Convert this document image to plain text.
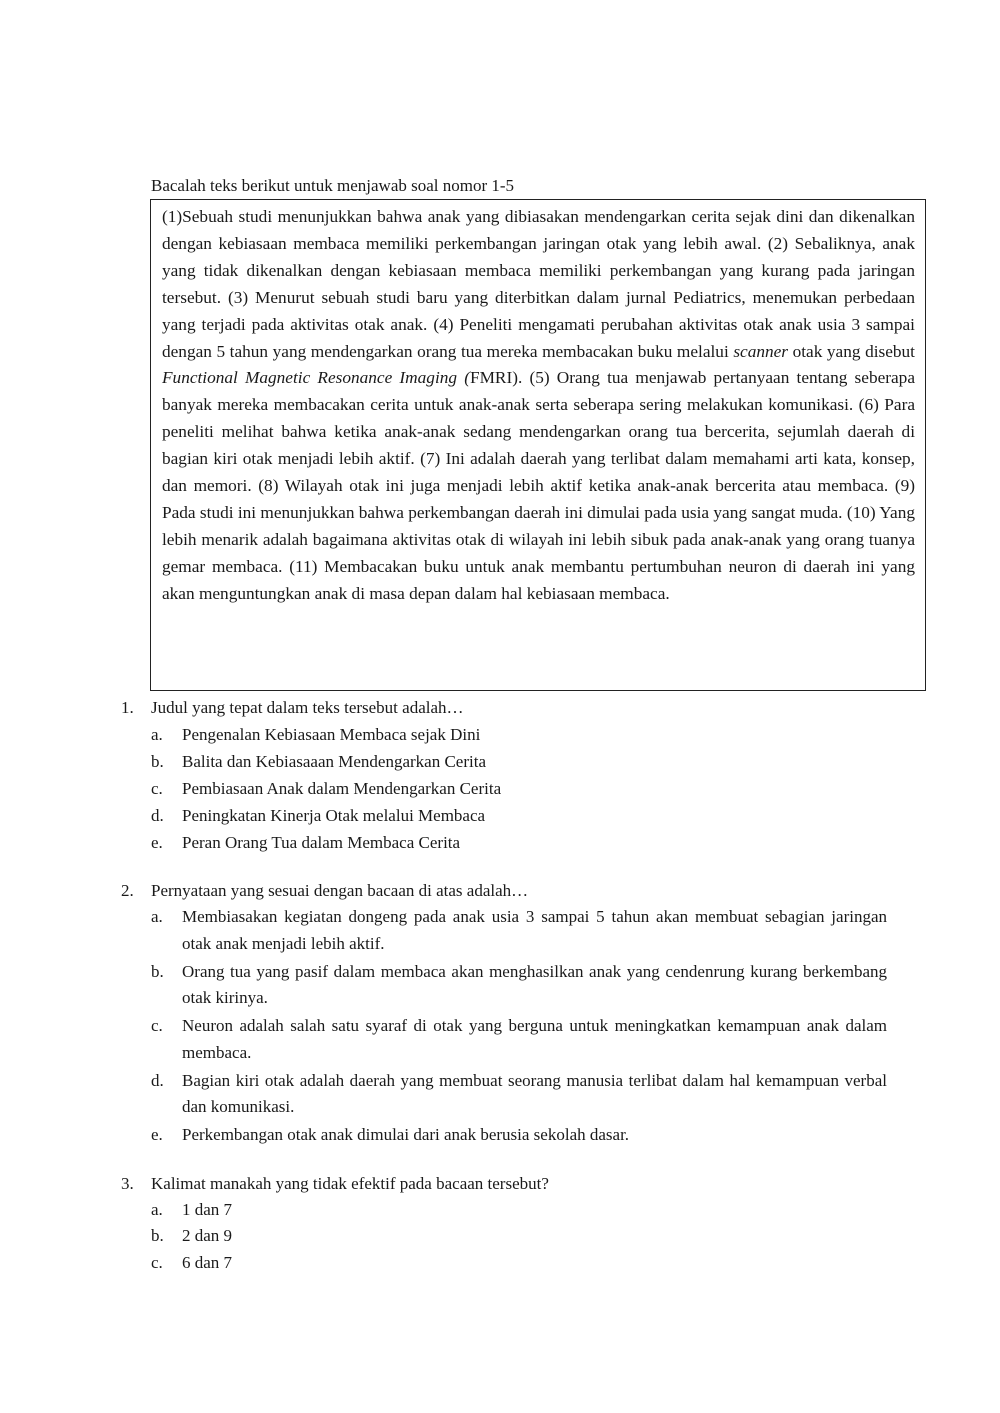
Bacalah teks berikut untuk menjawab soal nomor 1-5

(1)Sebuah studi menunjukkan bahwa anak yang dibiasakan mendengarkan cerita sejak dini dan dikenalkan dengan kebiasaan membaca memiliki perkembangan jaringan otak yang lebih awal. (2) Sebaliknya, anak yang tidak dikenalkan dengan kebiasaan membaca memiliki perkembangan yang kurang pada jaringan tersebut. (3) Menurut sebuah studi baru yang diterbitkan dalam jurnal Pediatrics, menemukan perbedaan yang terjadi pada aktivitas otak anak. (4) Peneliti mengamati perubahan aktivitas otak anak usia 3 sampai dengan 5 tahun yang mendengarkan orang tua mereka membacakan buku melalui scanner otak yang disebut Functional Magnetic Resonance Imaging (FMRI). (5) Orang tua menjawab pertanyaan tentang seberapa banyak mereka membacakan cerita untuk anak-anak serta seberapa sering melakukan komunikasi. (6) Para peneliti melihat bahwa ketika anak-anak sedang mendengarkan orang tua bercerita, sejumlah daerah di bagian kiri otak menjadi lebih aktif. (7) Ini adalah daerah yang terlibat dalam memahami arti kata, konsep, dan memori. (8) Wilayah otak ini juga menjadi lebih aktif ketika anak-anak bercerita atau membaca. (9) Pada studi ini menunjukkan bahwa perkembangan daerah ini dimulai pada usia yang sangat muda. (10) Yang lebih menarik adalah bagaimana aktivitas otak di wilayah ini lebih sibuk pada anak-anak yang orang tuanya gemar membaca. (11) Membacakan buku untuk anak membantu pertumbuhan neuron di daerah ini yang akan menguntungkan anak di masa depan dalam hal kebiasaan membaca.

1. Judul yang tepat dalam teks tersebut adalah…
a. Pengenalan Kebiasaan Membaca sejak Dini
b. Balita dan Kebiasaaan Mendengarkan Cerita
c. Pembiasaan Anak dalam Mendengarkan Cerita
d. Peningkatan Kinerja Otak melalui Membaca
e. Peran Orang Tua dalam Membaca Cerita
2. Pernyataan yang sesuai dengan bacaan di atas adalah…
a. Membiasakan kegiatan dongeng pada anak usia 3 sampai 5 tahun akan membuat sebagian jaringan otak anak menjadi lebih aktif.
b. Orang tua yang pasif dalam membaca akan menghasilkan anak yang cendenrung kurang berkembang otak kirinya.
c. Neuron adalah salah satu syaraf di otak yang berguna untuk meningkatkan kemampuan anak dalam membaca.
d. Bagian kiri otak adalah daerah yang membuat seorang manusia terlibat dalam hal kemampuan verbal dan komunikasi.
e. Perkembangan otak anak dimulai dari anak berusia sekolah dasar.
3. Kalimat manakah yang tidak efektif pada bacaan tersebut?
a. 1 dan 7
b. 2 dan 9
c. 6 dan 7
